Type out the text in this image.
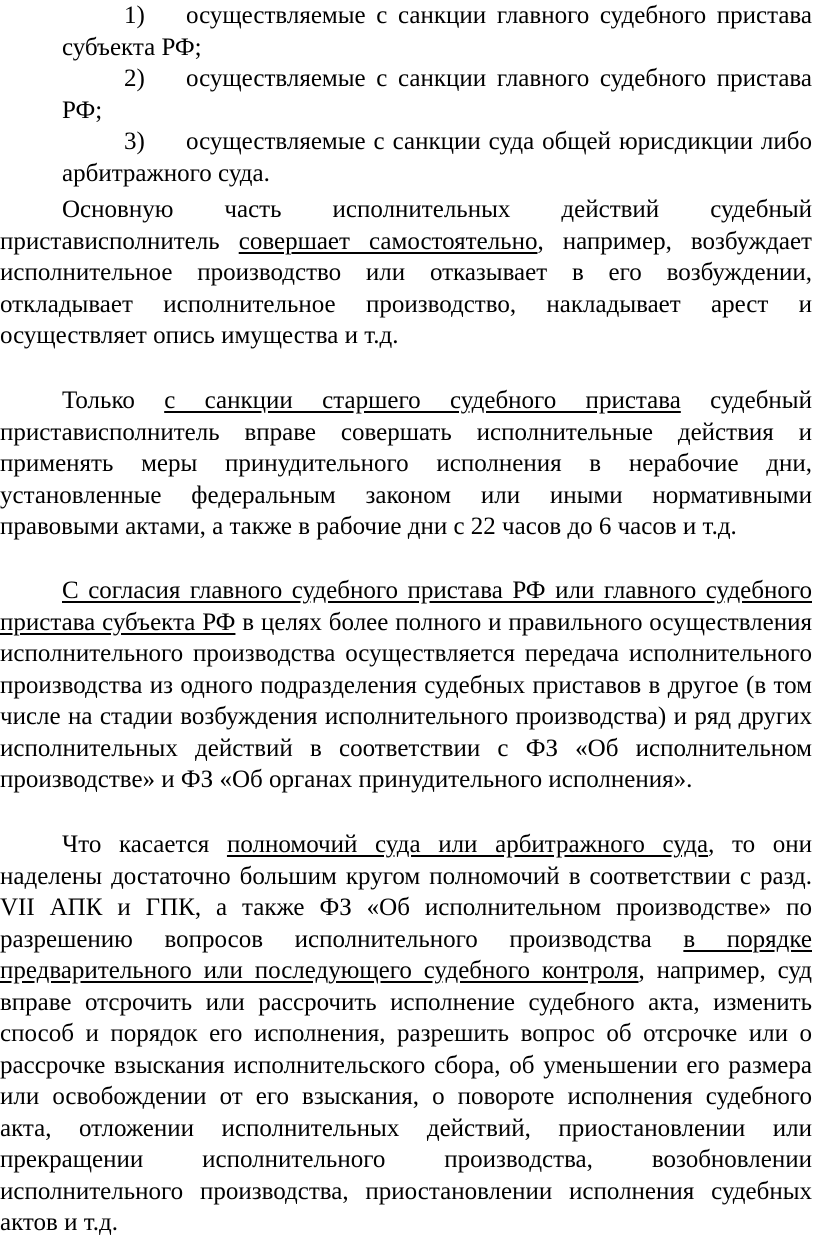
1) осуществляемые с санкции главного судебного пристава субъекта РФ;

2) осуществляемые с санкции главного судебного пристава РФ;

3) осуществляемые с санкции суда общей юрисдикции либо арбитражного суда.

Основную часть исполнительных действий судебный пристависполнитель совершает самостоятельно, например, возбуждает исполнительное производство или отказывает в его возбуждении, откладывает исполнительное производство, накладывает арест и осуществляет опись имущества и т.д.

Только с санкции старшего судебного пристава судебный пристависполнитель вправе совершать исполнительные действия и применять меры принудительного исполнения в нерабочие дни, установленные федеральным законом или иными нормативными правовыми актами, а также в рабочие дни с 22 часов до 6 часов и т.д.

С согласия главного судебного пристава РФ или главного судебного пристава субъекта РФ в целях более полного и правильного осуществления исполнительного производства осуществляется передача исполнительного производства из одного подразделения судебных приставов в другое (в том числе на стадии возбуждения исполнительного производства) и ряд других исполнительных действий в соответствии с ФЗ «Об исполнительном производстве» и ФЗ «Об органах принудительного исполнения».

Что касается полномочий суда или арбитражного суда, то они наделены достаточно большим кругом полномочий в соответствии с разд. VII АПК и ГПК, а также ФЗ «Об исполнительном производстве» по разрешению вопросов исполнительного производства в порядке предварительного или последующего судебного контроля, например, суд вправе отсрочить или рассрочить исполнение судебного акта, изменить способ и порядок его исполнения, разрешить вопрос об отсрочке или о рассрочке взыскания исполнительского сбора, об уменьшении его размера или освобождении от его взыскания, о повороте исполнения судебного акта, отложении исполнительных действий, приостановлении или прекращении исполнительного производства, возобновлении исполнительного производства, приостановлении исполнения судебных актов и т.д.
